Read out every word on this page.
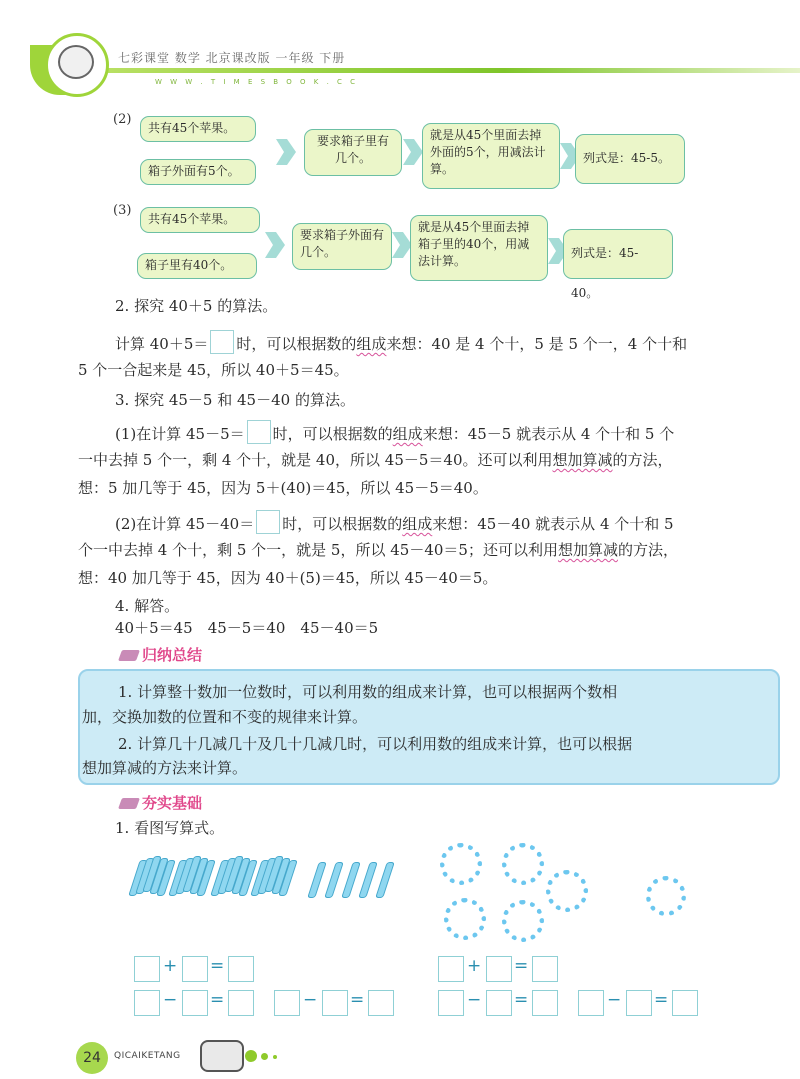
七彩课堂 数学 北京课改版 一年级 下册
W W W . T I M E S B O O K . C C
(2)
共有45个苹果。
箱子外面有5个。
要求箱子里有几个。
就是从45个里面去掉外面的5个，用减法计算。
列式是：45-5。
(3)
共有45个苹果。
箱子里有40个。
要求箱子外面有几个。
就是从45个里面去掉箱子里的40个，用减法计算。
列式是：45-40。
2. 探究 40＋5 的算法。
计算 40＋5＝ 时，可以根据数的组成来想：40 是 4 个十，5 是 5 个一，4 个十和
5 个一合起来是 45，所以 40＋5＝45。
3. 探究 45－5 和 45－40 的算法。
(1)在计算 45－5＝ 时，可以根据数的组成来想：45－5 就表示从 4 个十和 5 个
一中去掉 5 个一，剩 4 个十，就是 40，所以 45－5＝40。还可以利用想加算减的方法，
想：5 加几等于 45，因为 5＋(40)＝45，所以 45－5＝40。
(2)在计算 45－40＝ 时，可以根据数的组成来想：45－40 就表示从 4 个十和 5
个一中去掉 4 个十，剩 5 个一，就是 5，所以 45－40＝5；还可以利用想加算减的方法，
想：40 加几等于 45，因为 40＋(5)＝45，所以 45－40＝5。
4. 解答。
40＋5＝45　45－5＝40　45－40＝5
归纳总结
1. 计算整十数加一位数时，可以利用数的组成来计算，也可以根据两个数相
加，交换加数的位置和不变的规律来计算。
2. 计算几十几减几十及几十几减几时，可以利用数的组成来计算，也可以根据
想加算减的方法来计算。
夯实基础
1. 看图写算式。
+ =
− =	− =
+ =
− =	− =
24	QICAIKETANG
